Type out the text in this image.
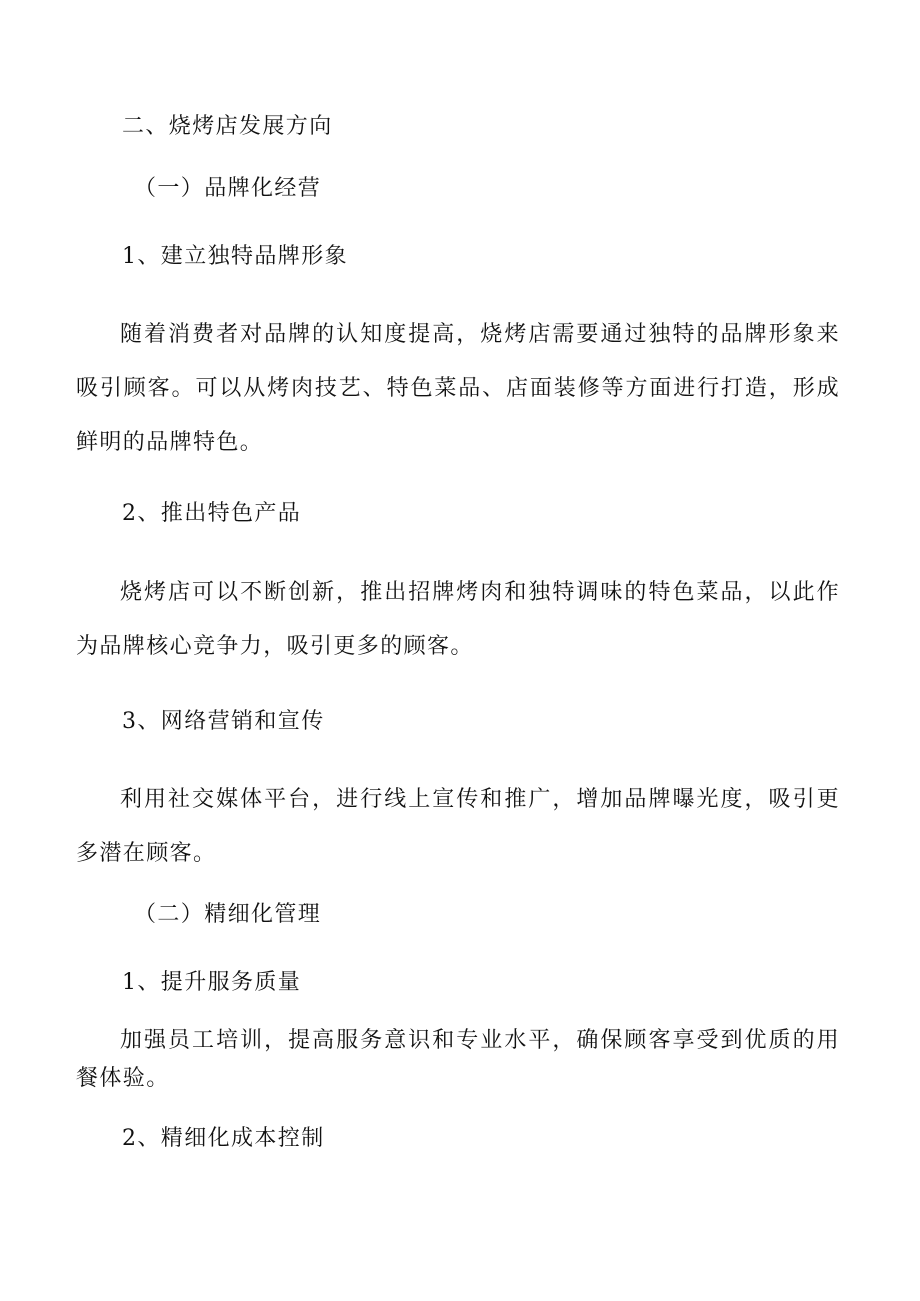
二、烧烤店发展方向

（一）品牌化经营

1、建立独特品牌形象

随着消费者对品牌的认知度提高，烧烤店需要通过独特的品牌形象来吸引顾客。可以从烤肉技艺、特色菜品、店面装修等方面进行打造，形成鲜明的品牌特色。

2、推出特色产品

烧烤店可以不断创新，推出招牌烤肉和独特调味的特色菜品，以此作为品牌核心竞争力，吸引更多的顾客。

3、网络营销和宣传

利用社交媒体平台，进行线上宣传和推广，增加品牌曝光度，吸引更多潜在顾客。

（二）精细化管理

1、提升服务质量

加强员工培训，提高服务意识和专业水平，确保顾客享受到优质的用餐体验。

2、精细化成本控制
